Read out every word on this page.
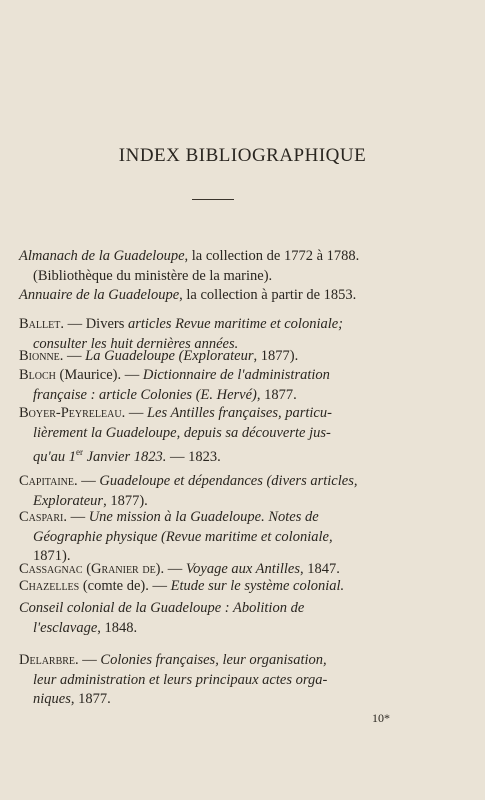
INDEX BIBLIOGRAPHIQUE
Almanach de la Guadeloupe, la collection de 1772 à 1788.
(Bibliothèque du ministère de la marine).
Annuaire de la Guadeloupe, la collection à partir de 1853.
Ballet. — Divers articles Revue maritime et coloniale;
consulter les huit dernières années.
Bionne. — La Guadeloupe (Explorateur, 1877).
Bloch (Maurice). — Dictionnaire de l'administration
française : article Colonies (E. Hervé), 1877.
Boyer-Peyreleau. — Les Antilles françaises, particu-
lièrement la Guadeloupe, depuis sa découverte jus-
qu'au 1er Janvier 1823. — 1823.
Capitaine. — Guadeloupe et dépendances (divers articles,
Explorateur, 1877).
Caspari. — Une mission à la Guadeloupe. Notes de
Géographie physique (Revue maritime et coloniale,
1871).
Cassagnac (Granier de). — Voyage aux Antilles, 1847.
Chazelles (comte de). — Etude sur le système colonial.
Conseil colonial de la Guadeloupe : Abolition de
l'esclavage, 1848.
Delarbre. — Colonies françaises, leur organisation,
leur administration et leurs principaux actes orga-
niques, 1877.
10*
